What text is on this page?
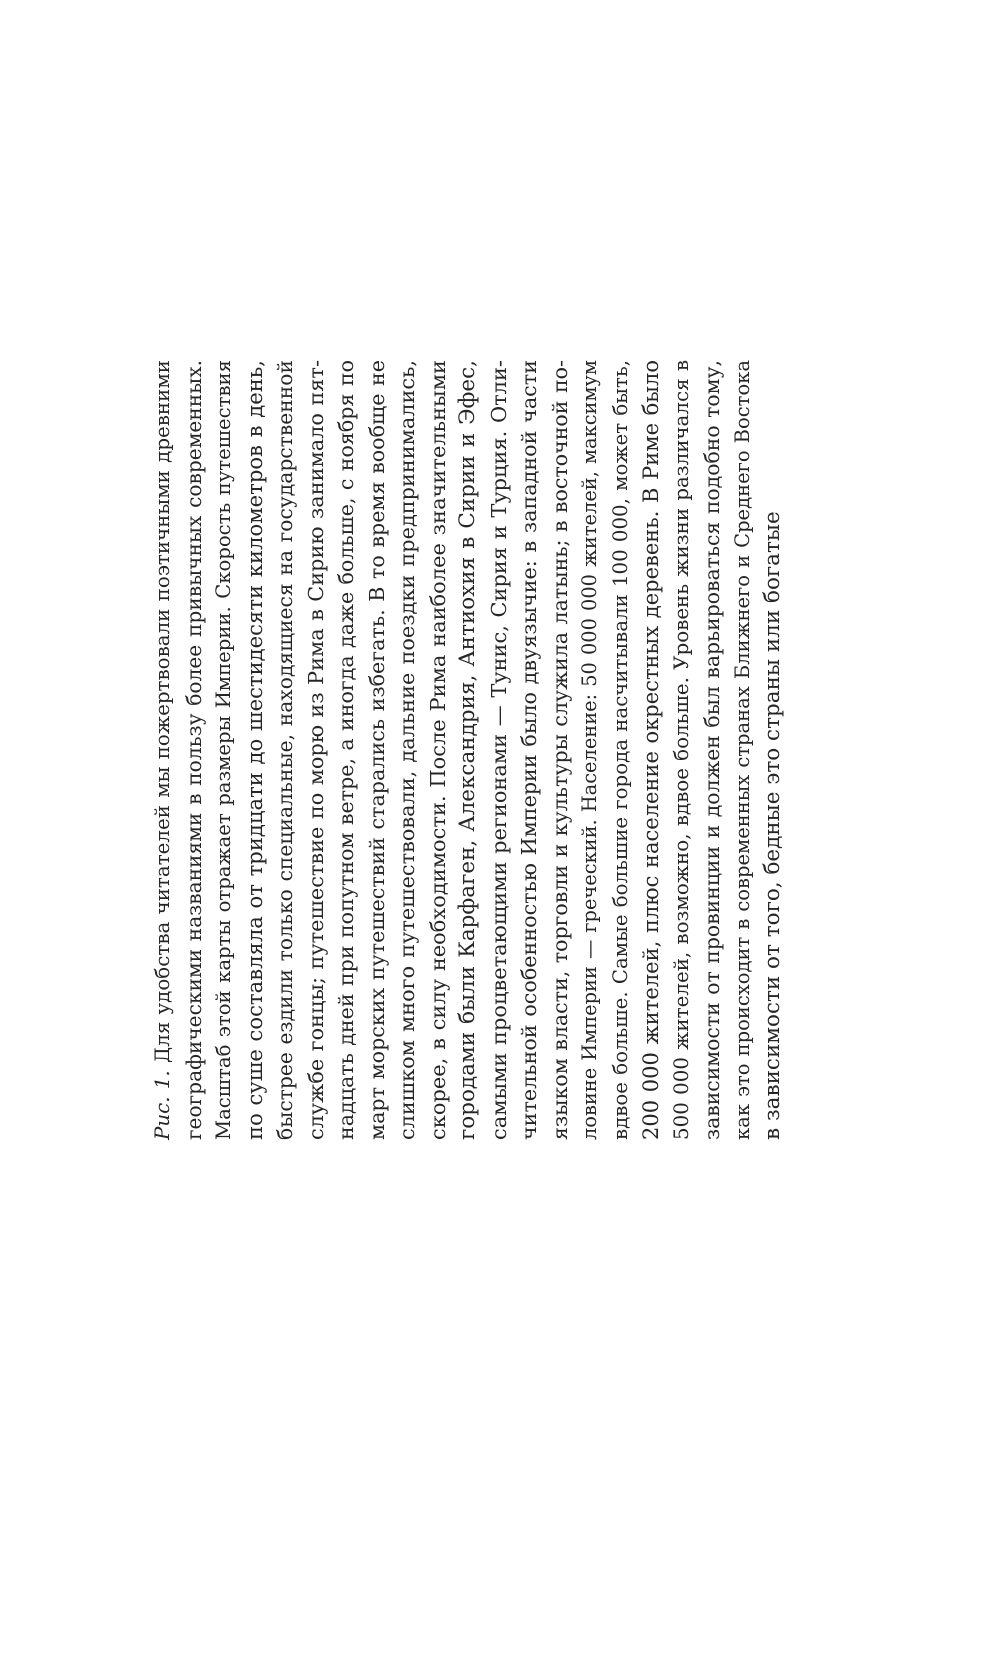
Рис. 1. Для удобства читателей мы пожертвовали поэтичными древними географическими названиями в пользу более привычных современных. Масштаб этой карты отражает размеры Империи. Скорость путешествия по суше составляла от тридцати до шестидесяти километров в день, быстрее ездили только специальные, находящиеся на государственной службе гонцы; путешествие по морю из Рима в Сирию занимало пят- надцать дней при попутном ветре, а иногда даже больше, с ноября по март морских путешествий старались избегать. В то время вообще не слишком много путешествовали, дальние поездки предпринимались, скорее, в силу необходимости. После Рима наиболее значительными городами были Карфаген, Александрия, Антиохия в Сирии и Эфес, самыми процветающими регионами — Тунис, Сирия и Турция. Отли- чительной особенностью Империи было двуязычие: в западной части языком власти, торговли и культуры служила латынь; в восточной по- ловине Империи — греческий. Население: 50 000 000 жителей, максимум вдвое больше. Самые большие города насчитывали 100 000, может быть, 200 000 жителей, плюс население окрестных деревень. В Риме было 500 000 жителей, возможно, вдвое больше. Уровень жизни различался в зависимости от провинции и должен был варьироваться подобно тому, как это происходит в современных странах Ближнего и Среднего Востока в зависимости от того, бедные это страны или богатые
